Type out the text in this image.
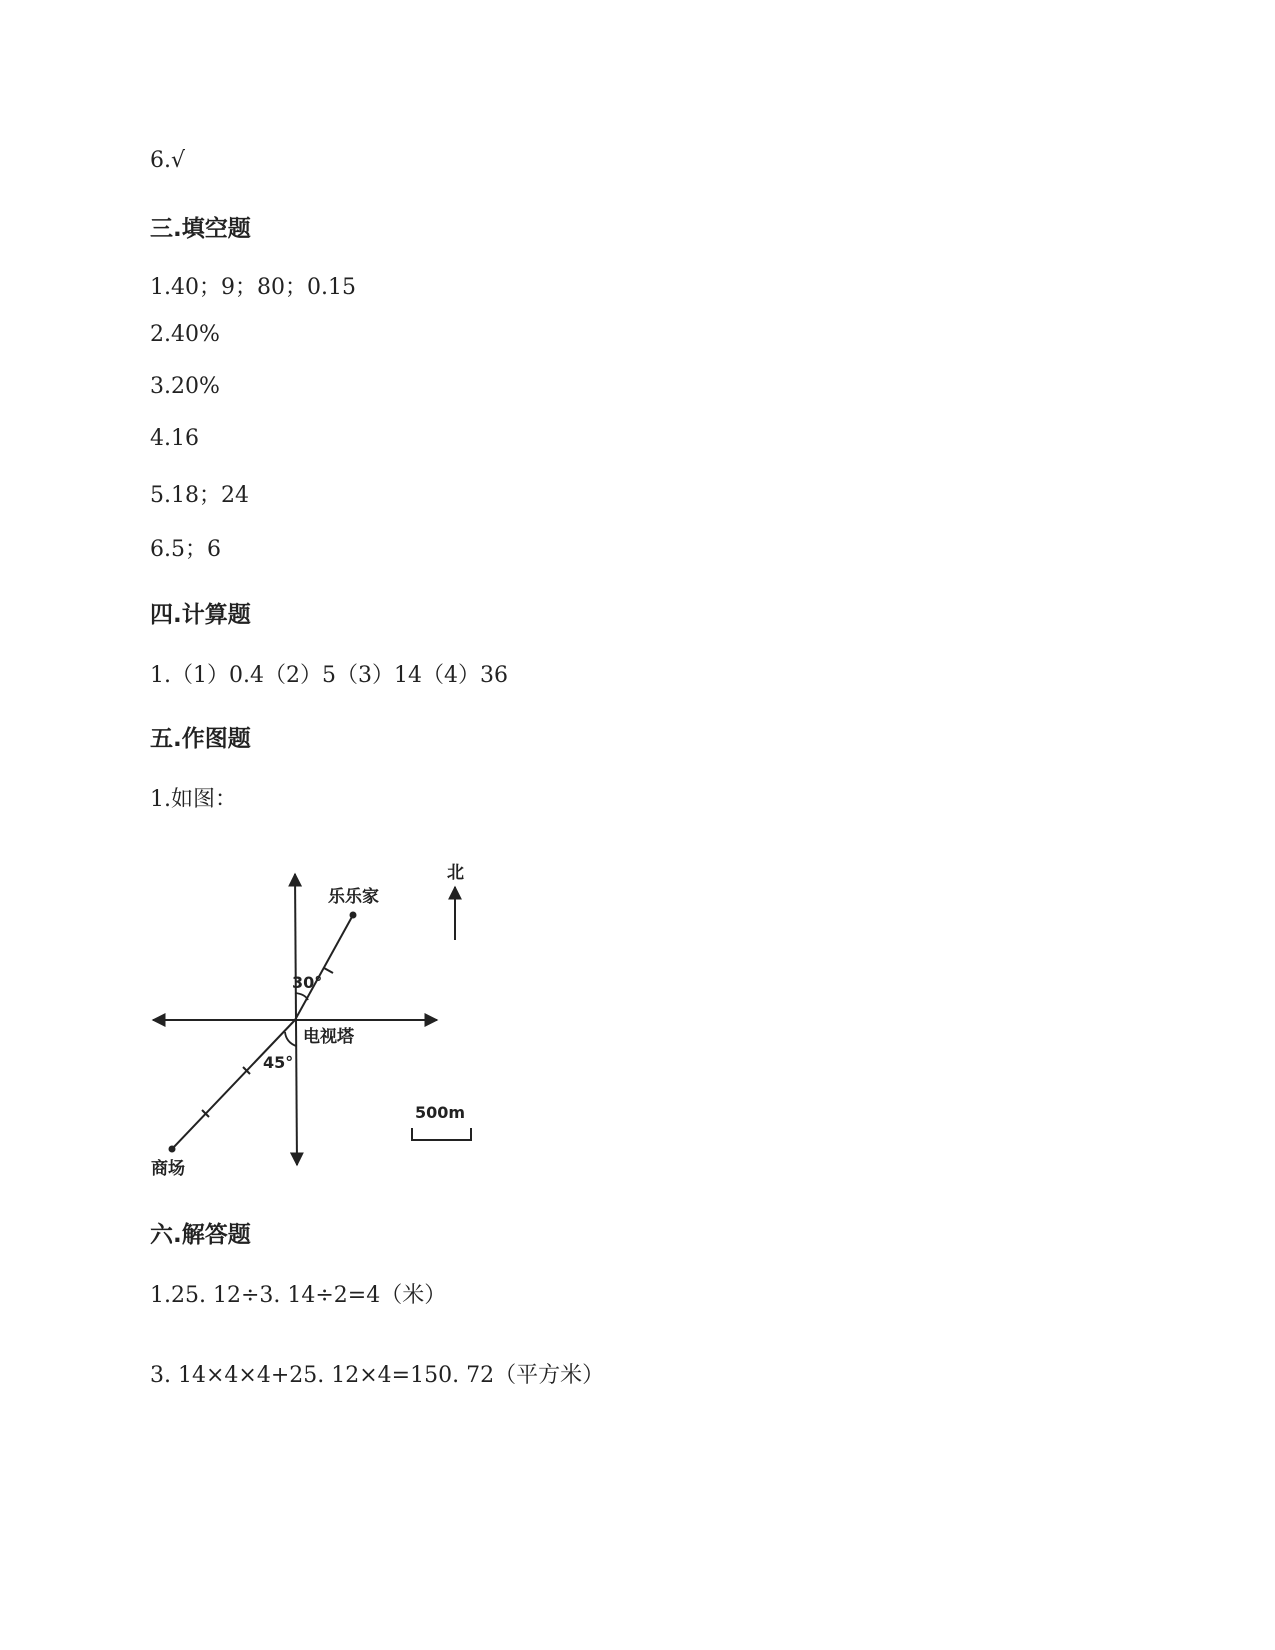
6.√
三.填空题
1.40；9；80；0.15
2.40%
3.20%
4.16
5.18；24
6.5；6
四.计算题
1.（1）0.4（2）5（3）14（4）36
五.作图题
1.如图：
北
乐乐家
30°
电视塔
45°
500m
商场
六.解答题
1.25. 12÷3. 14÷2=4（米）
3. 14×4×4+25. 12×4=150. 72（平方米）
